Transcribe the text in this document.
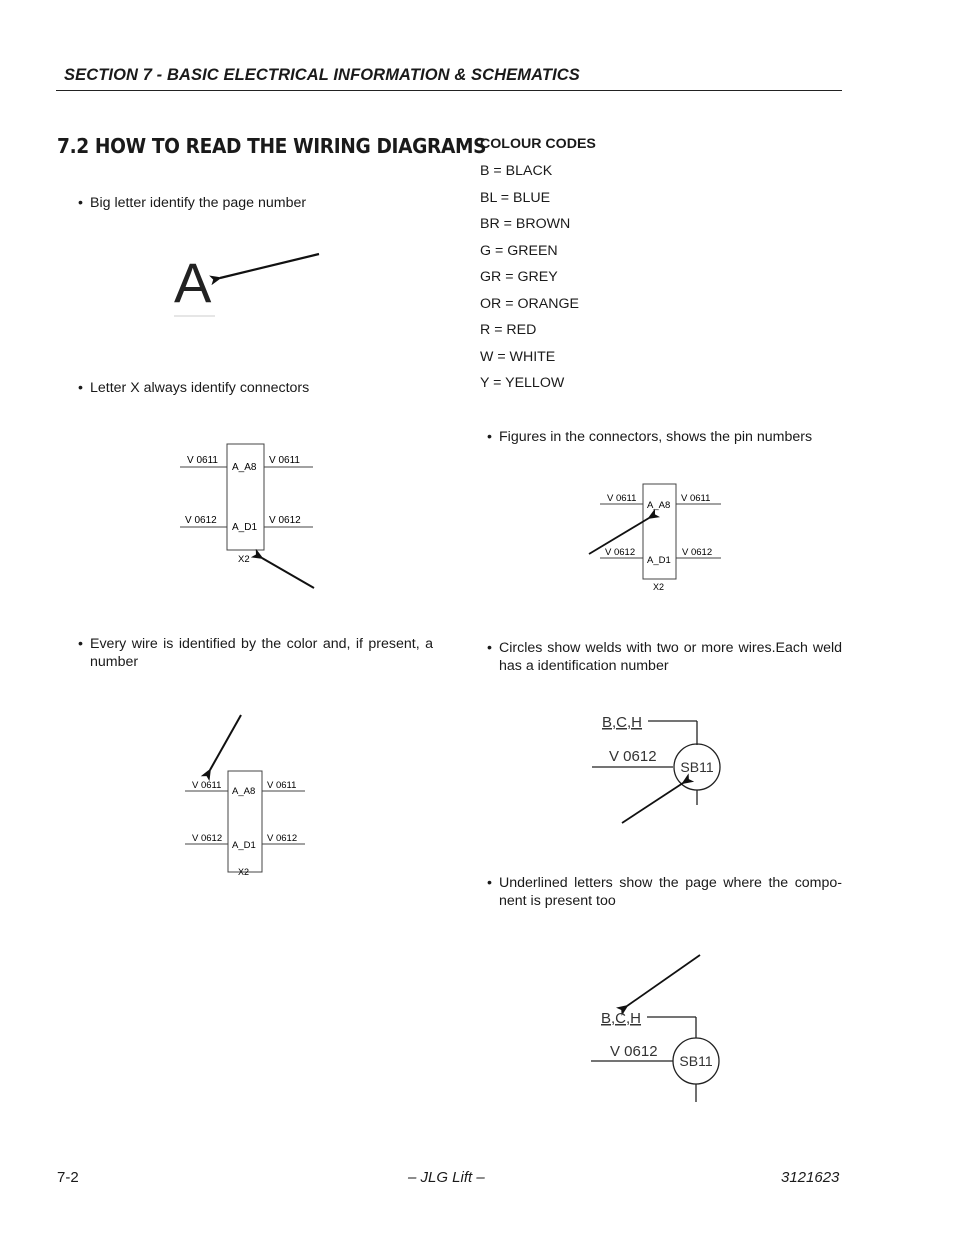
SECTION 7 - BASIC ELECTRICAL INFORMATION & SCHEMATICS
7.2 HOW TO READ THE WIRING DIAGRAMS
• Big letter identify the page number
A
• Letter X always identify connectors
V 0611	V 0611
V 0612	V 0612
A_A8
A_D1
X2
• Every wire is identified by the color and, if present, a number
V 0611	V 0611
V 0612	V 0612
A_A8
A_D1
X2
COLOUR CODES
B = BLACK
BL = BLUE
BR = BROWN
G = GREEN
GR = GREY
OR = ORANGE
R = RED
W = WHITE
Y = YELLOW
• Figures in the connectors, shows the pin numbers
V 0611	V 0611
V 0612	V 0612
A_A8
A_D1
X2
• Circles show welds with two or more wires.Each weld has a identification number
B,C,H
V 0612
SB11
• Underlined letters show the page where the compo-nent is present too
B,C,H
V 0612
SB11
7-2	– JLG Lift –	3121623
